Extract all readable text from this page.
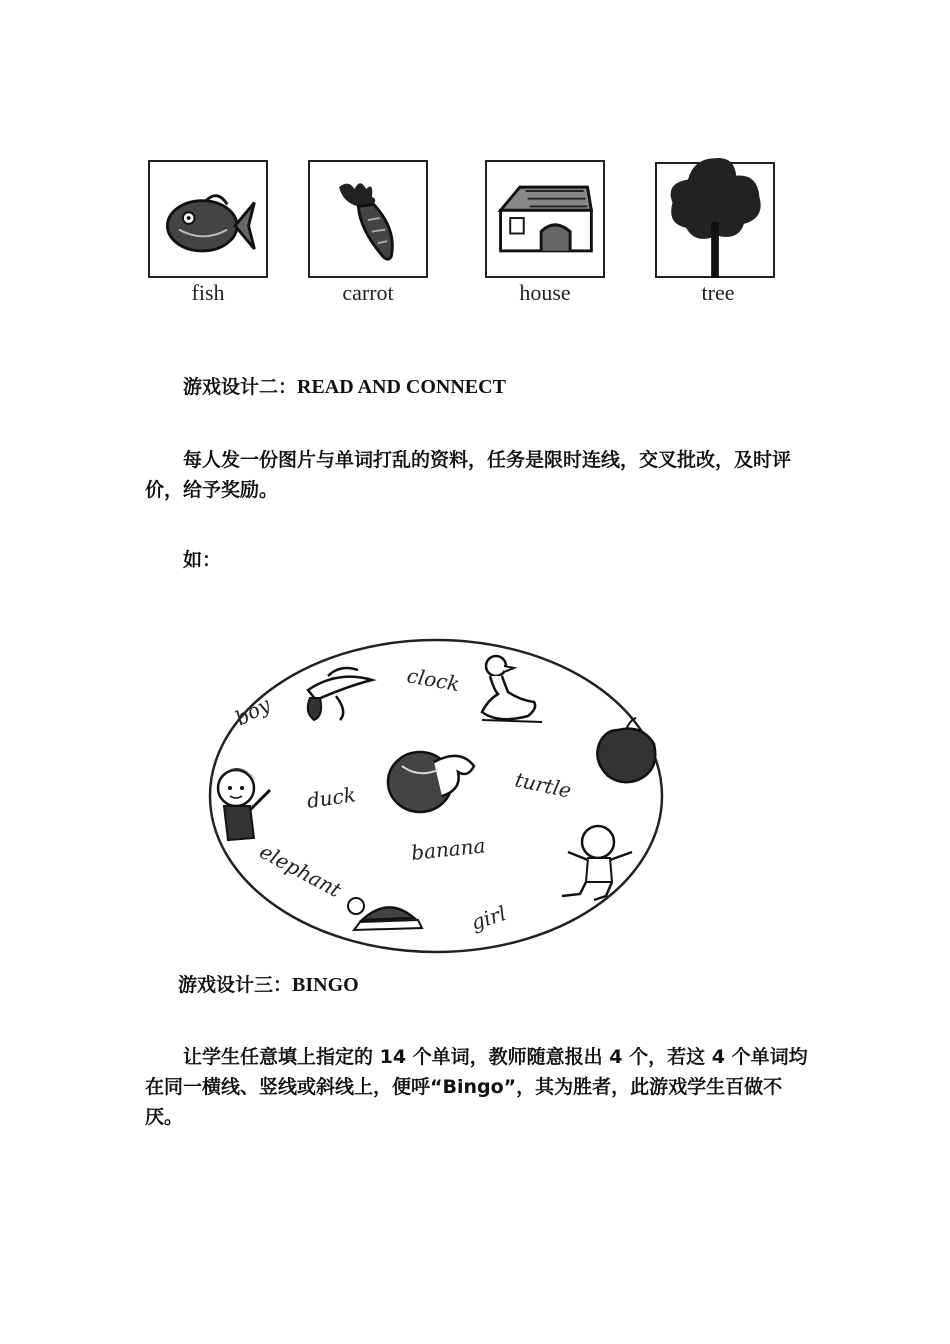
fish	carrot	house	tree
游戏设计二：READ AND CONNECT
每人发一份图片与单词打乱的资料，任务是限时连线，交叉批改，及时评价，给予奖励。
如：
boy
clock
turtle
duck
banana
elephant
girl
游戏设计三：BINGO
让学生任意填上指定的 14 个单词，教师随意报出 4 个，若这 4 个单词均在同一横线、竖线或斜线上，便呼“Bingo”，其为胜者，此游戏学生百做不厌。
